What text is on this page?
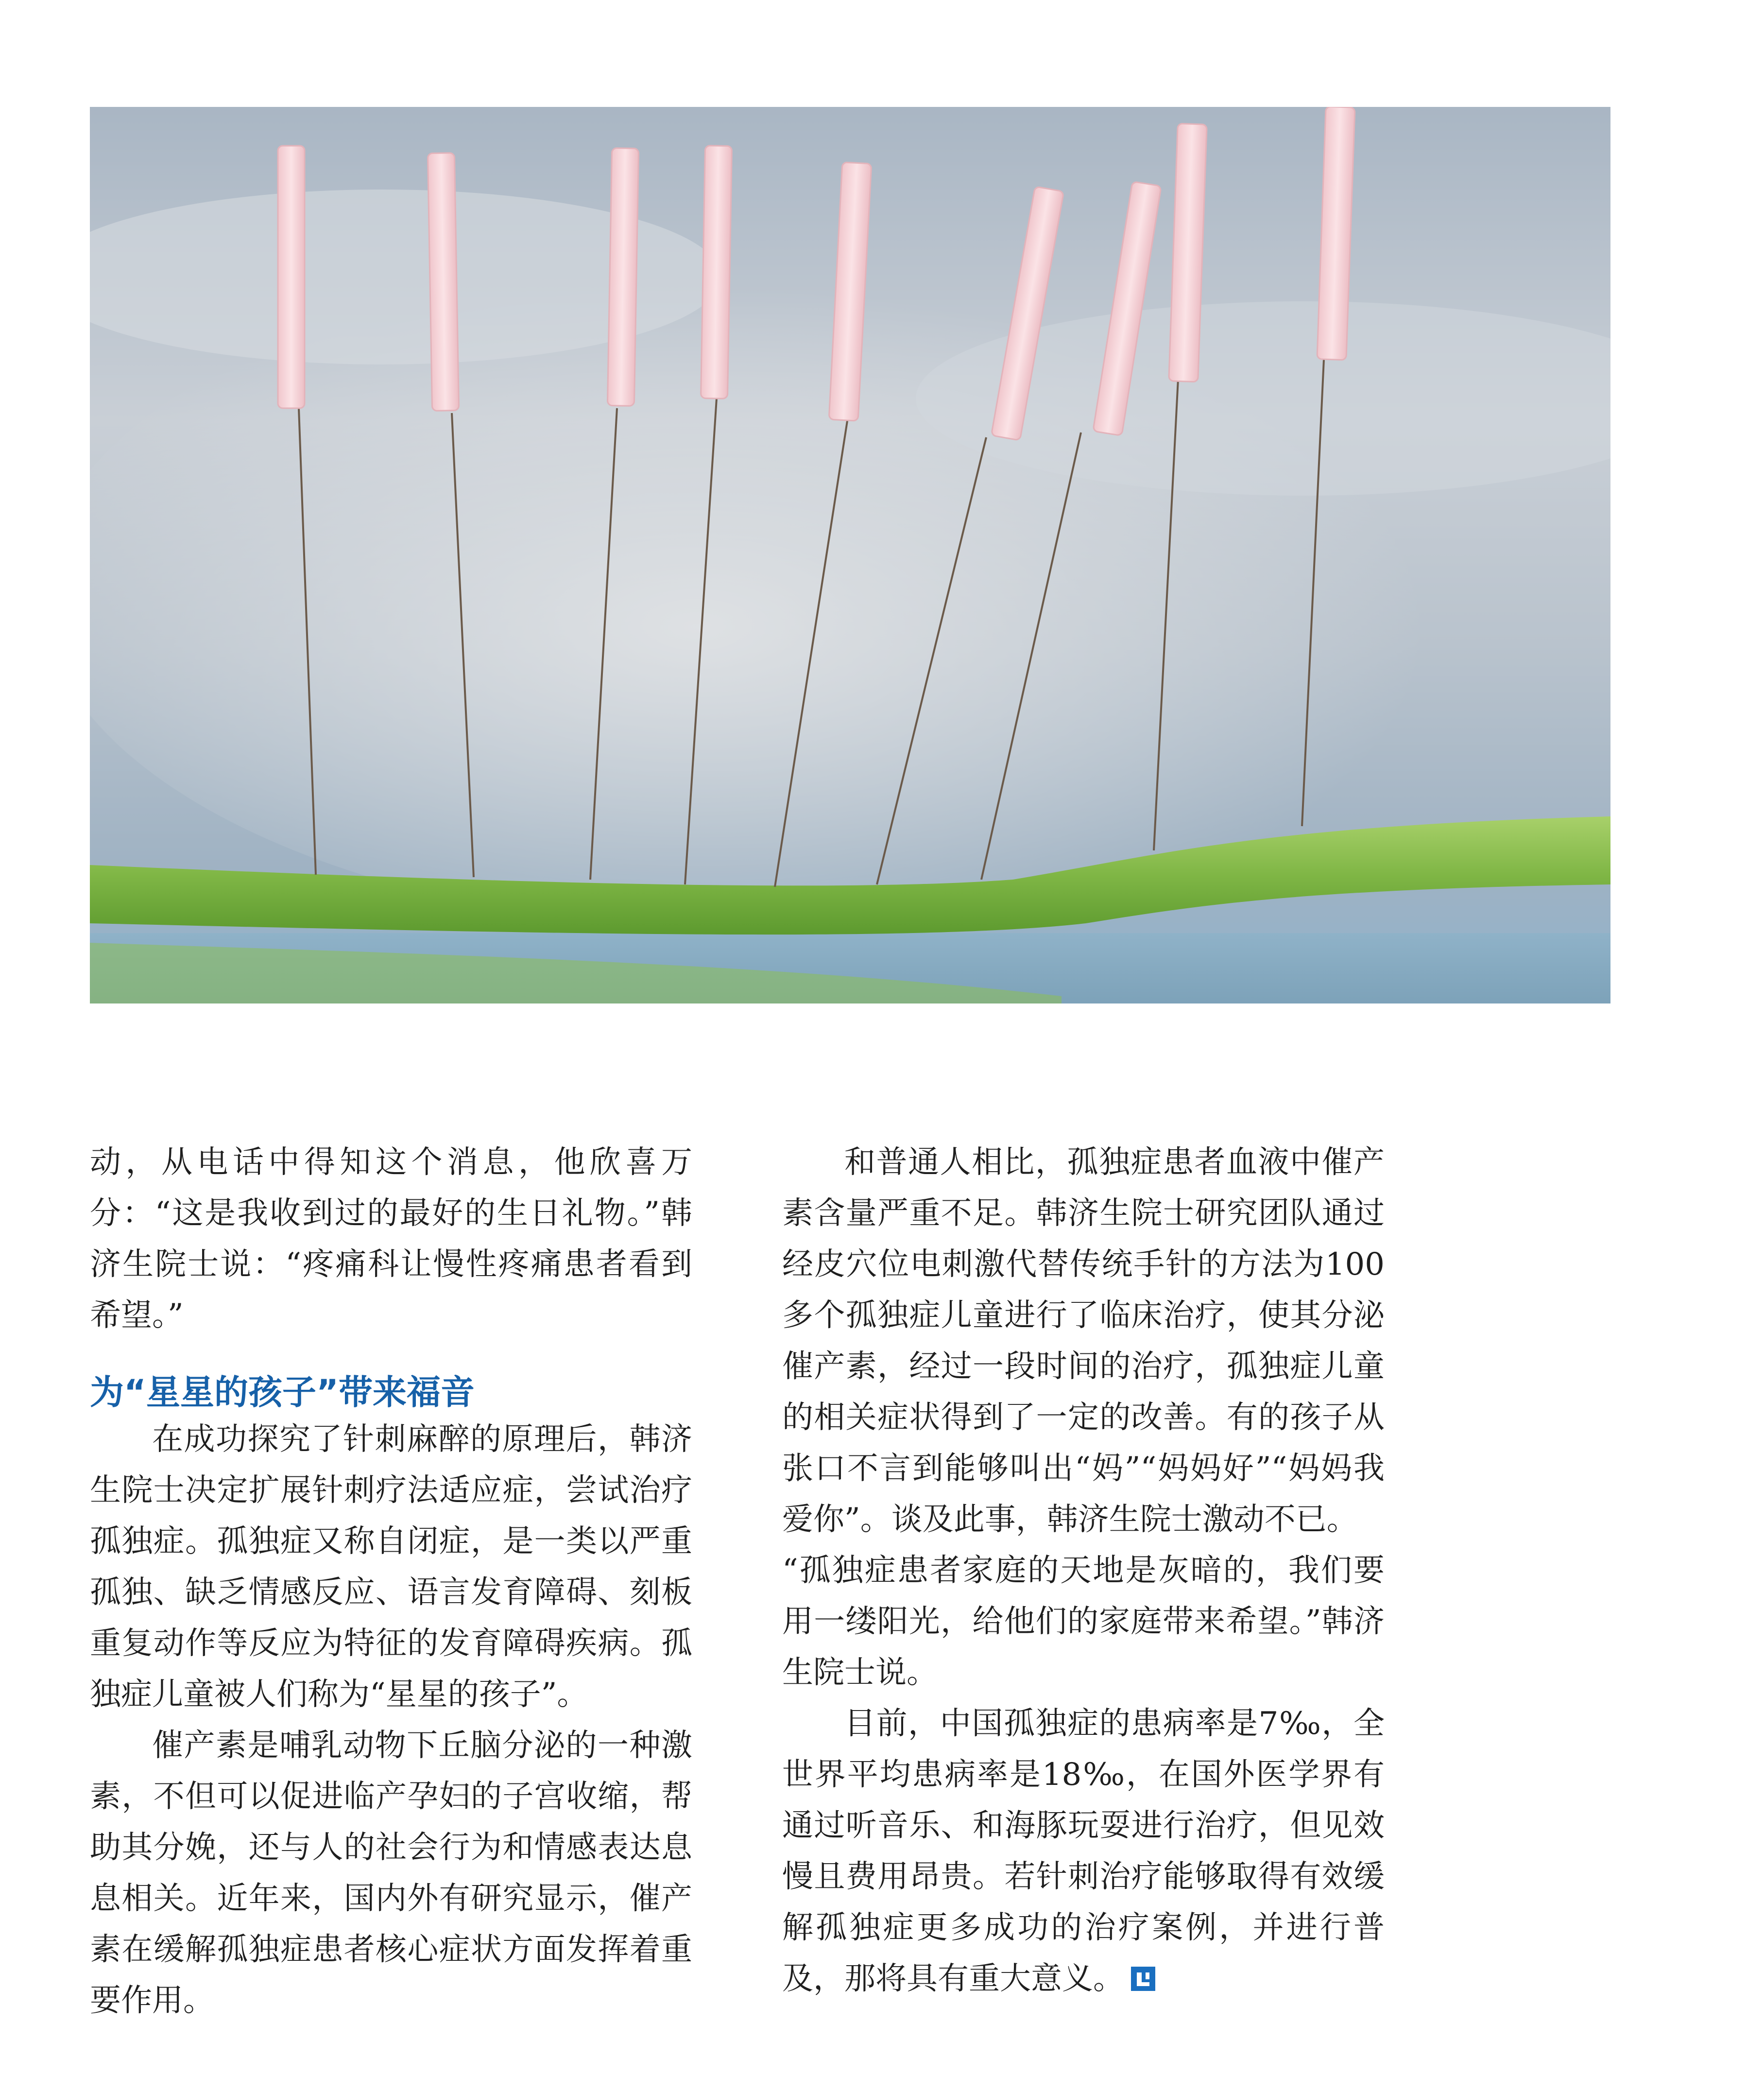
动，从电话中得知这个消息，他欣喜万分：“这是我收到过的最好的生日礼物。”韩济生院士说：“疼痛科让慢性疼痛患者看到希望。”

为“星星的孩子”带来福音

在成功探究了针刺麻醉的原理后，韩济生院士决定扩展针刺疗法适应症，尝试治疗孤独症。孤独症又称自闭症，是一类以严重孤独、缺乏情感反应、语言发育障碍、刻板重复动作等反应为特征的发育障碍疾病。孤独症儿童被人们称为“星星的孩子”。

催产素是哺乳动物下丘脑分泌的一种激素，不但可以促进临产孕妇的子宫收缩，帮助其分娩，还与人的社会行为和情感表达息息相关。近年来，国内外有研究显示，催产素在缓解孤独症患者核心症状方面发挥着重要作用。

和普通人相比，孤独症患者血液中催产素含量严重不足。韩济生院士研究团队通过经皮穴位电刺激代替传统手针的方法为100多个孤独症儿童进行了临床治疗，使其分泌催产素，经过一段时间的治疗，孤独症儿童的相关症状得到了一定的改善。有的孩子从张口不言到能够叫出“妈”“妈妈好”“妈妈我爱你”。谈及此事，韩济生院士激动不已。

“孤独症患者家庭的天地是灰暗的，我们要用一缕阳光，给他们的家庭带来希望。”韩济生院士说。

目前，中国孤独症的患病率是7‰，全世界平均患病率是18‰，在国外医学界有通过听音乐、和海豚玩耍进行治疗，但见效慢且费用昂贵。若针刺治疗能够取得有效缓解孤独症更多成功的治疗案例，并进行普及，那将具有重大意义。
